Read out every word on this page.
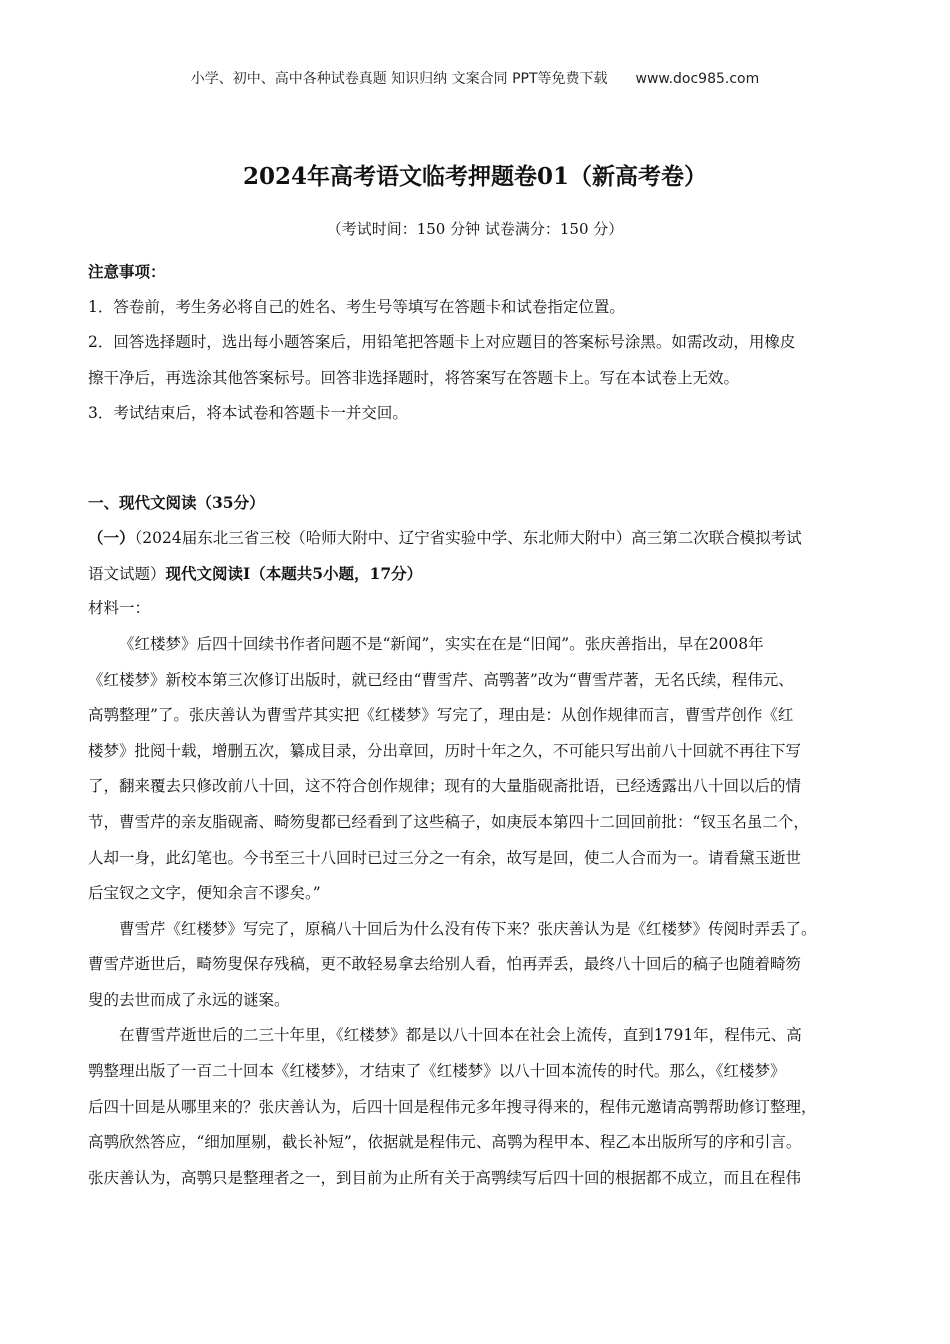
小学、初中、高中各种试卷真题 知识归纳 文案合同 PPT等免费下载 www.doc985.com
2024年高考语文临考押题卷01（新高考卷）
（考试时间：150 分钟 试卷满分：150 分）
注意事项：
1．答卷前，考生务必将自己的姓名、考生号等填写在答题卡和试卷指定位置。
2．回答选择题时，选出每小题答案后，用铅笔把答题卡上对应题目的答案标号涂黑。如需改动，用橡皮
擦干净后，再选涂其他答案标号。回答非选择题时，将答案写在答题卡上。写在本试卷上无效。
3．考试结束后，将本试卷和答题卡一并交回。
一、现代文阅读（35分）
（一）（2024届东北三省三校（哈师大附中、辽宁省实验中学、东北师大附中）高三第二次联合模拟考试
语文试题）现代文阅读Ⅰ（本题共5小题，17分）
材料一：
《红楼梦》后四十回续书作者问题不是“新闻”，实实在在是“旧闻”。张庆善指出，早在2008年
《红楼梦》新校本第三次修订出版时，就已经由“曹雪芹、高鹗著”改为“曹雪芹著，无名氏续，程伟元、
高鹗整理”了。张庆善认为曹雪芹其实把《红楼梦》写完了，理由是：从创作规律而言，曹雪芹创作《红
楼梦》批阅十载，增删五次，纂成目录，分出章回，历时十年之久，不可能只写出前八十回就不再往下写
了，翻来覆去只修改前八十回，这不符合创作规律；现有的大量脂砚斋批语，已经透露出八十回以后的情
节，曹雪芹的亲友脂砚斋、畸笏叟都已经看到了这些稿子，如庚辰本第四十二回回前批：“钗玉名虽二个，
人却一身，此幻笔也。今书至三十八回时已过三分之一有余，故写是回，使二人合而为一。请看黛玉逝世
后宝钗之文字，便知余言不谬矣。”
曹雪芹《红楼梦》写完了，原稿八十回后为什么没有传下来？张庆善认为是《红楼梦》传阅时弄丢了。
曹雪芹逝世后，畸笏叟保存残稿，更不敢轻易拿去给别人看，怕再弄丢，最终八十回后的稿子也随着畸笏
叟的去世而成了永远的谜案。
在曹雪芹逝世后的二三十年里，《红楼梦》都是以八十回本在社会上流传，直到1791年，程伟元、高
鹗整理出版了一百二十回本《红楼梦》，才结束了《红楼梦》以八十回本流传的时代。那么，《红楼梦》
后四十回是从哪里来的？张庆善认为，后四十回是程伟元多年搜寻得来的，程伟元邀请高鹗帮助修订整理，
高鹗欣然答应，“细加厘剔，截长补短”，依据就是程伟元、高鹗为程甲本、程乙本出版所写的序和引言。
张庆善认为，高鹗只是整理者之一，到目前为止所有关于高鹗续写后四十回的根据都不成立，而且在程伟
